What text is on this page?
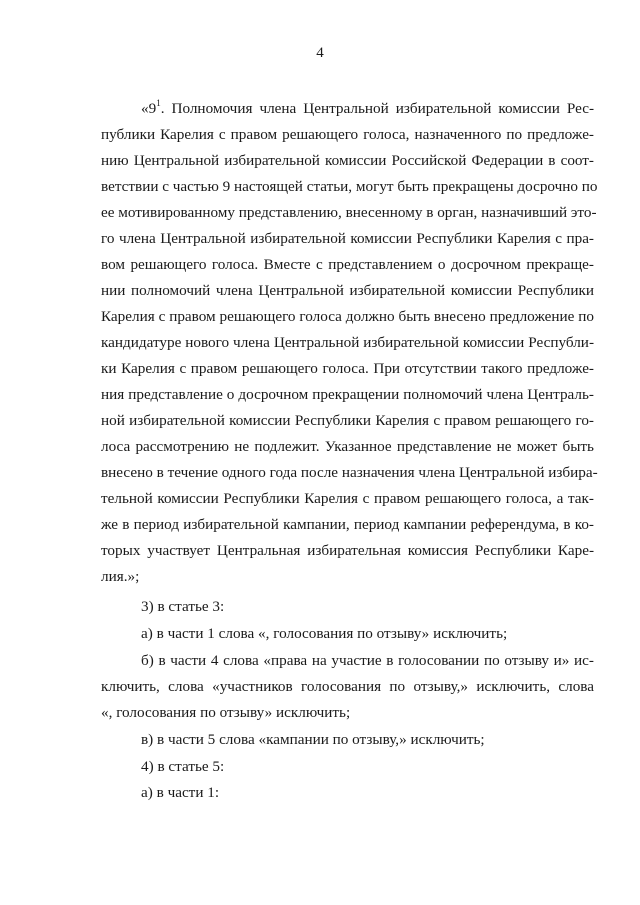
4
«$9^1$. Полномочия члена Центральной избирательной комиссии Рес-
публики Карелия с правом решающего голоса, назначенного по предложе-
нию Центральной избирательной комиссии Российской Федерации в соот-
ветствии с частью 9 настоящей статьи, могут быть прекращены досрочно по
ее мотивированному представлению, внесенному в орган, назначивший это-
го члена Центральной избирательной комиссии Республики Карелия с пра-
вом решающего голоса. Вместе с представлением о досрочном прекраще-
нии полномочий члена Центральной избирательной комиссии Республики
Карелия с правом решающего голоса должно быть внесено предложение по
кандидатуре нового члена Центральной избирательной комиссии Республи-
ки Карелия с правом решающего голоса. При отсутствии такого предложе-
ния представление о досрочном прекращении полномочий члена Централь-
ной избирательной комиссии Республики Карелия с правом решающего го-
лоса рассмотрению не подлежит. Указанное представление не может быть
внесено в течение одного года после назначения члена Центральной избира-
тельной комиссии Республики Карелия с правом решающего голоса, а так-
же в период избирательной кампании, период кампании референдума, в ко-
торых участвует Центральная избирательная комиссия Республики Каре-
лия.»;
3) в статье 3:
а) в части 1 слова «, голосования по отзыву» исключить;
б) в части 4 слова «права на участие в голосовании по отзыву и» ис-
ключить, слова «участников голосования по отзыву,» исключить, слова
«, голосования по отзыву» исключить;
в) в части 5 слова «кампании по отзыву,» исключить;
4) в статье 5:
а) в части 1:
